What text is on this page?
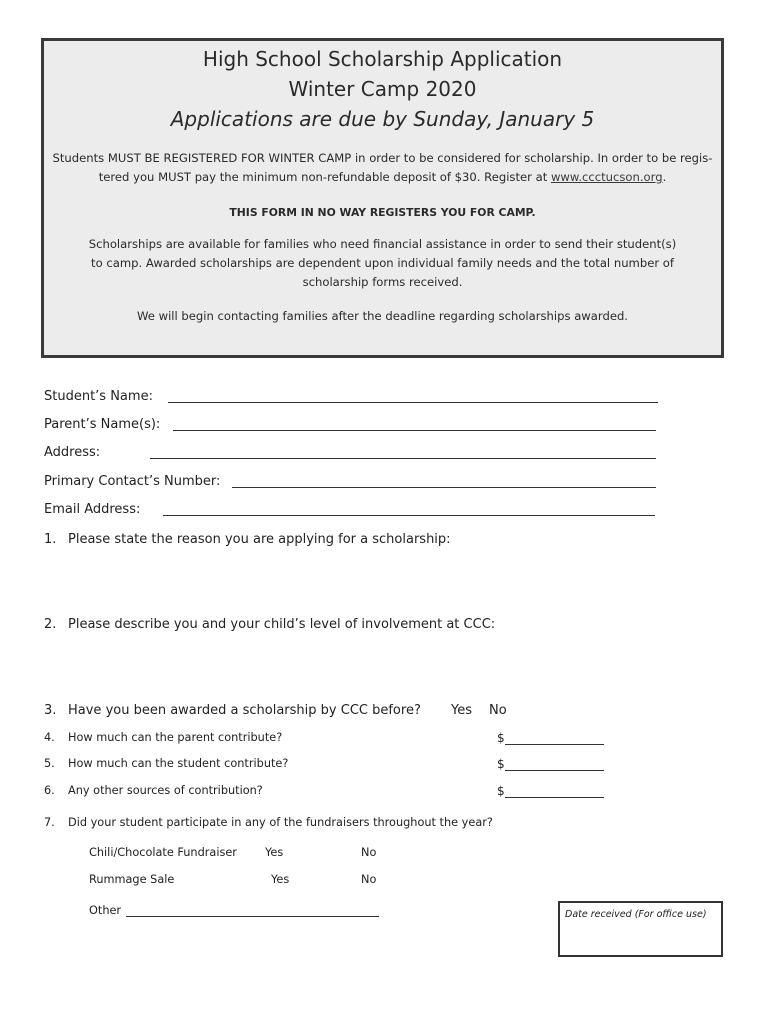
High School Scholarship Application
Winter Camp 2020
Applications are due by Sunday, January 5
Students MUST BE REGISTERED FOR WINTER CAMP in order to be considered for scholarship. In order to be regis-
tered you MUST pay the minimum non-refundable deposit of $30. Register at www.ccctucson.org.
THIS FORM IN NO WAY REGISTERS YOU FOR CAMP.
Scholarships are available for families who need financial assistance in order to send their student(s)
to camp. Awarded scholarships are dependent upon individual family needs and the total number of
scholarship forms received.
We will begin contacting families after the deadline regarding scholarships awarded.
Student’s Name:
Parent’s Name(s):
Address:
Primary Contact’s Number:
Email Address:
1. Please state the reason you are applying for a scholarship:
2. Please describe you and your child’s level of involvement at CCC:
3. Have you been awarded a scholarship by CCC before? Yes No
4. How much can the parent contribute?	$
5. How much can the student contribute?	$
6. Any other sources of contribution?	$
7. Did your student participate in any of the fundraisers throughout the year?
Chili/Chocolate Fundraiser Yes	No
Rummage Sale	Yes	No
Other	Date received (For office use)
